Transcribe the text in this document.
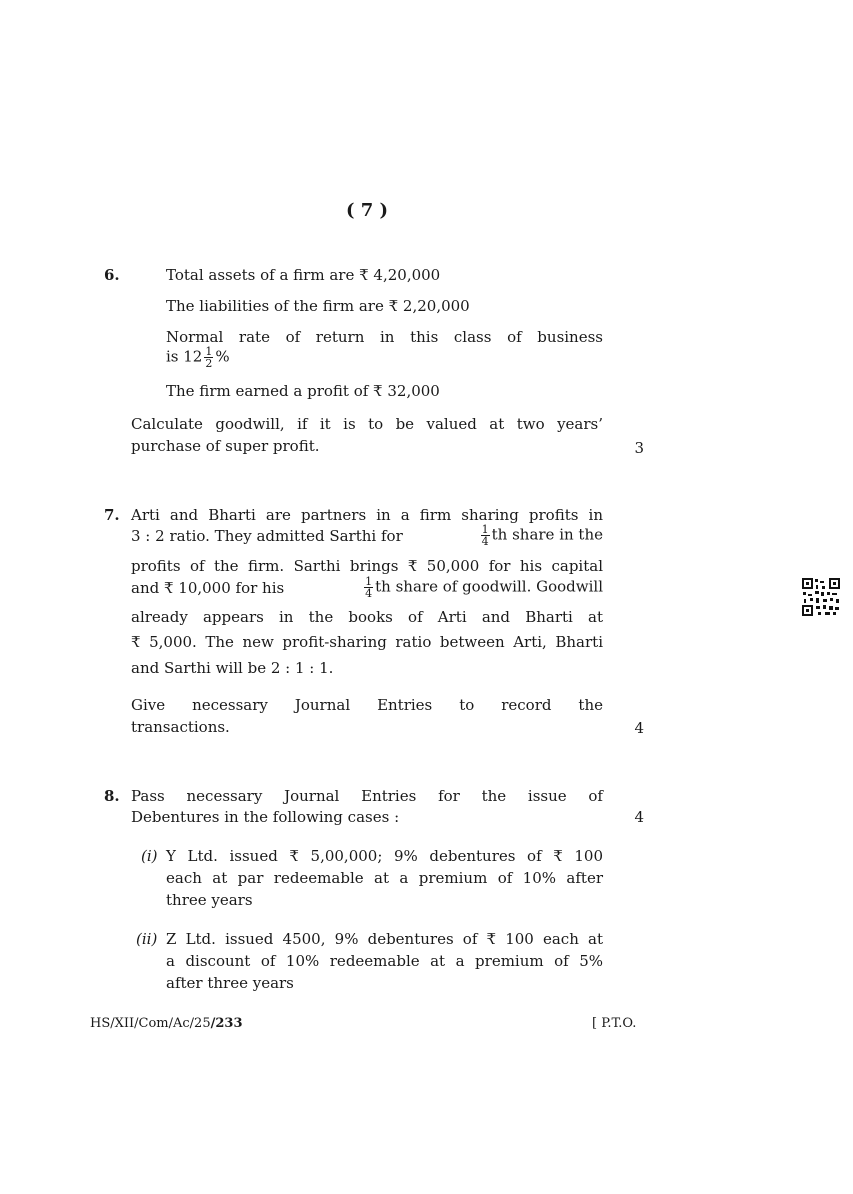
( 7 )
6.	Total assets of a firm are ₹ 4,20,000
The liabilities of the firm are ₹ 2,20,000
Normal rate of return in this class of business
is $12 \frac{1}{2}$ %
The firm earned a profit of ₹ 32,000
Calculate goodwill, if it is to be valued at two years’
purchase of super profit.	3
7. Arti and Bharti are partners in a firm sharing profits in
3 : 2 ratio. They admitted Sarthi for	$\frac{1}{4}$ th share in the
profits of the firm. Sarthi brings ₹ 50,000 for his capital
and ₹ 10,000 for his	$\frac{1}{4}$ th share of goodwill. Goodwill
already appears in the books of Arti and Bharti at
₹ 5,000. The new profit-sharing ratio between Arti, Bharti
and Sarthi will be 2 : 1 : 1.
Give necessary Journal Entries to record the
transactions.	4
8. Pass necessary Journal Entries for the issue of
Debentures in the following cases :	4
(i) Y Ltd. issued ₹ 5,00,000; 9% debentures of ₹ 100
each at par redeemable at a premium of 10% after
three years
(ii) Z Ltd. issued 4500, 9% debentures of ₹ 100 each at
a discount of 10% redeemable at a premium of 5%
after three years
HS/XII/Com/Ac/25/233	[ P.T.O.
